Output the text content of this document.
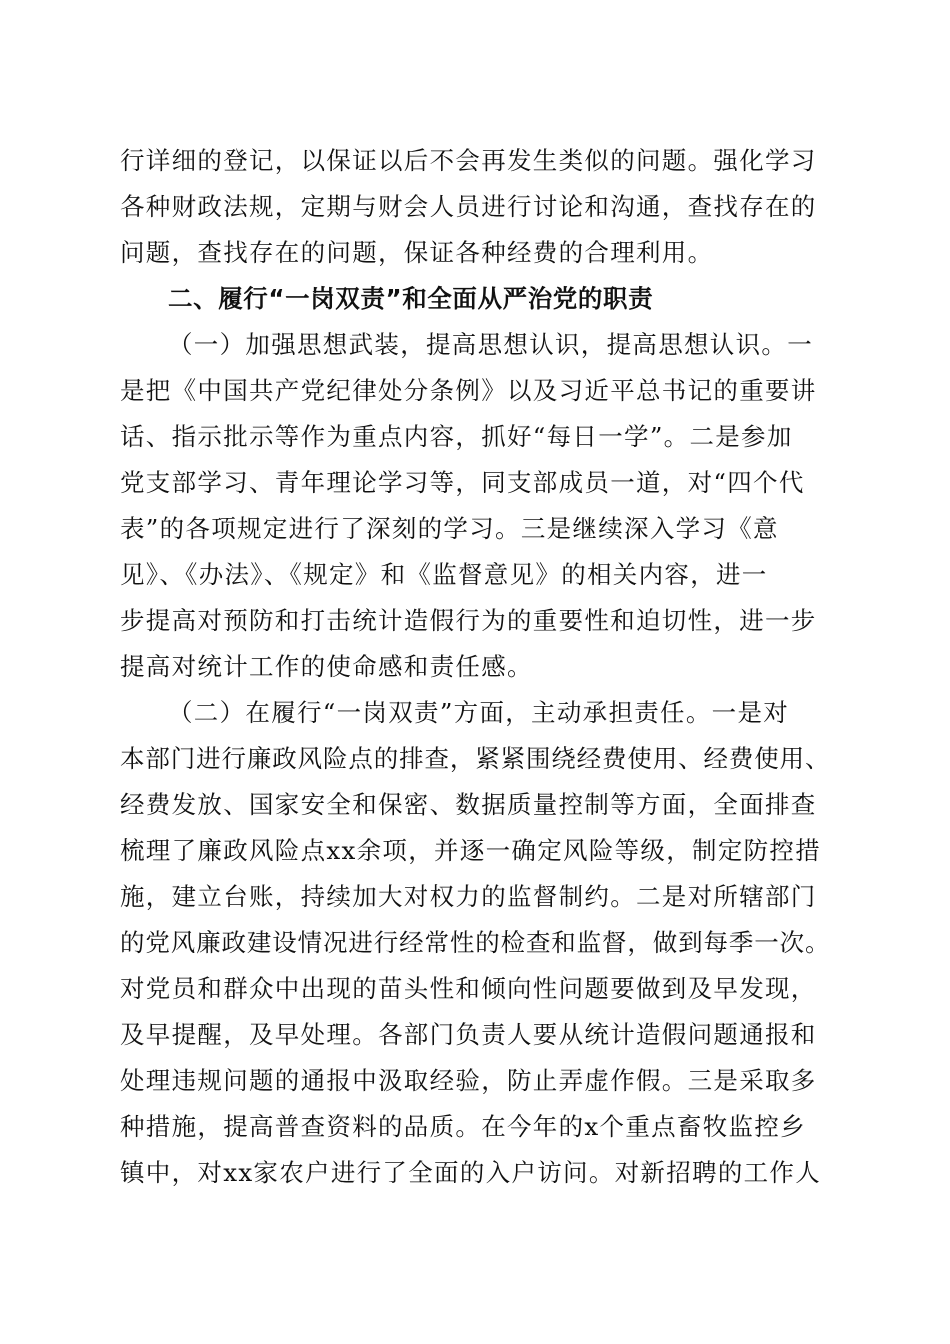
行详细的登记，以保证以后不会再发生类似的问题。强化学习
各种财政法规，定期与财会人员进行讨论和沟通，查找存在的
问题，查找存在的问题，保证各种经费的合理利用。
二、履行“一岗双责”和全面从严治党的职责
（一）加强思想武装，提高思想认识，提高思想认识。一
是把《中国共产党纪律处分条例》以及习近平总书记的重要讲
话、指示批示等作为重点内容，抓好“每日一学”。二是参加
党支部学习、青年理论学习等，同支部成员一道，对“四个代
表”的各项规定进行了深刻的学习。三是继续深入学习《意
见》、《办法》、《规定》和《监督意见》的相关内容，进一
步提高对预防和打击统计造假行为的重要性和迫切性，进一步
提高对统计工作的使命感和责任感。
（二）在履行“一岗双责”方面，主动承担责任。一是对
本部门进行廉政风险点的排查，紧紧围绕经费使用、经费使用、
经费发放、国家安全和保密、数据质量控制等方面，全面排查
梳理了廉政风险点xx余项，并逐一确定风险等级，制定防控措
施，建立台账，持续加大对权力的监督制约。二是对所辖部门
的党风廉政建设情况进行经常性的检查和监督，做到每季一次。
对党员和群众中出现的苗头性和倾向性问题要做到及早发现，
及早提醒，及早处理。各部门负责人要从统计造假问题通报和
处理违规问题的通报中汲取经验，防止弄虚作假。三是采取多
种措施，提高普查资料的品质。在今年的x个重点畜牧监控乡
镇中，对xx家农户进行了全面的入户访问。对新招聘的工作人
